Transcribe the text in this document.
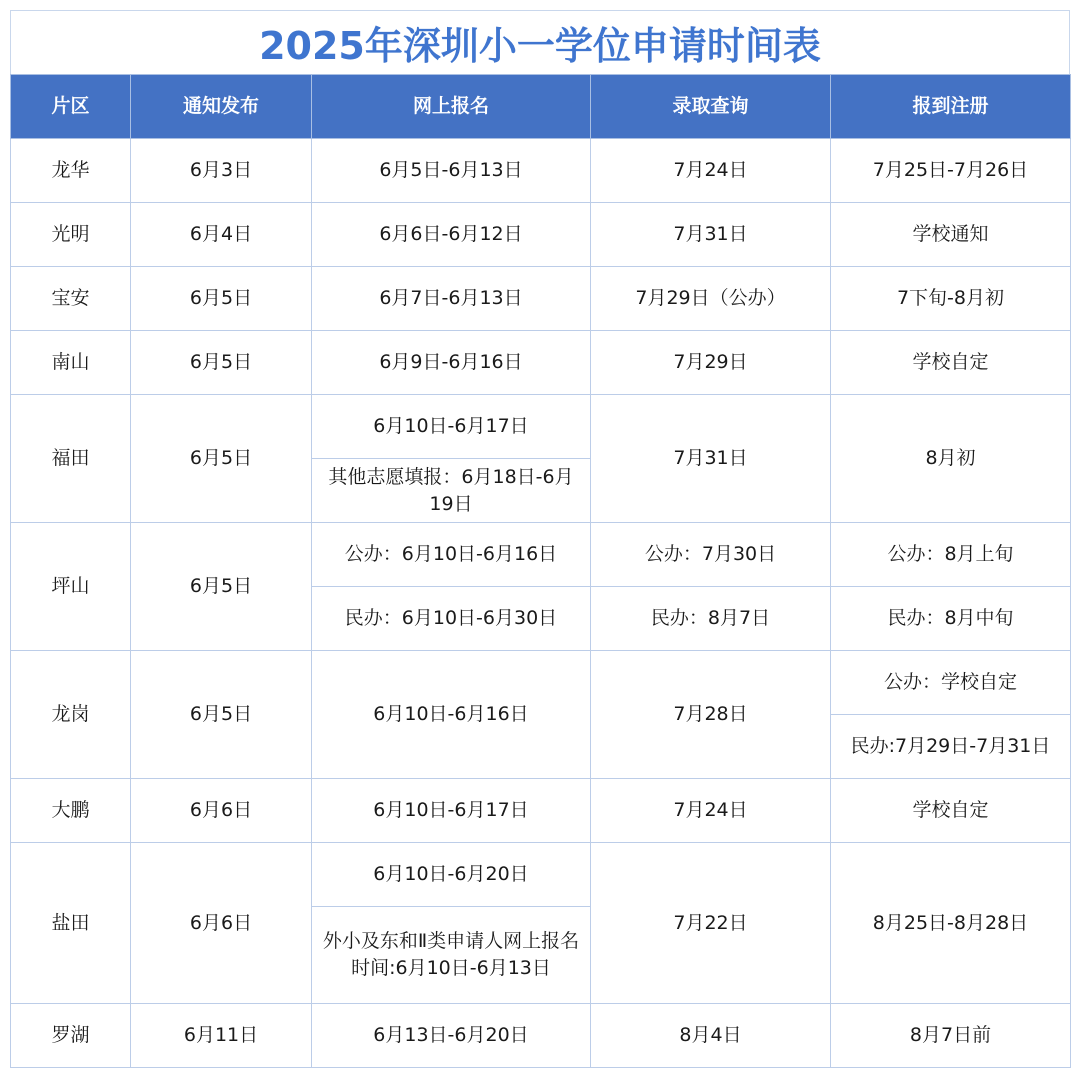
2025年深圳小一学位申请时间表
片区	通知发布	网上报名	录取查询	报到注册
龙华	6月3日	6月5日-6月13日	7月24日	7月25日-7月26日
光明	6月4日	6月6日-6月12日	7月31日	学校通知
宝安	6月5日	6月7日-6月13日	7月29日（公办）	7下旬-8月初
南山	6月5日	6月9日-6月16日	7月29日	学校自定
福田	6月5日	6月10日-6月17日	7月31日	8月初
		其他志愿填报：6月18日-6月19日		
坪山	6月5日	公办：6月10日-6月16日	公办：7月30日	公办：8月上旬
		民办：6月10日-6月30日	民办：8月7日	民办：8月中旬
龙岗	6月5日	6月10日-6月16日	7月28日	公办：学校自定
				民办:7月29日-7月31日
大鹏	6月6日	6月10日-6月17日	7月24日	学校自定
盐田	6月6日	6月10日-6月20日	7月22日	8月25日-8月28日
		外小及东和Ⅱ类申请人网上报名时间:6月10日-6月13日		
罗湖	6月11日	6月13日-6月20日	8月4日	8月7日前
